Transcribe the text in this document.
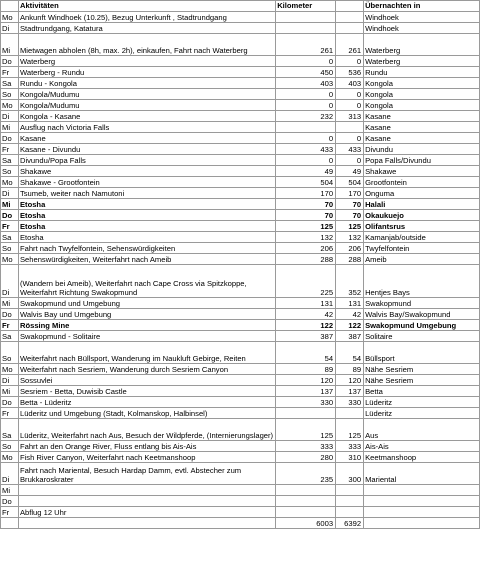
	Aktivitäten	Kilometer		Übernachten in
Mo	Ankunft Windhoek (10.25), Bezug Unterkunft , Stadtrundgang			Windhoek
Di	Stadtrundgang, Katatura			Windhoek
Mi	Mietwagen abholen (8h, max. 2h), einkaufen, Fahrt nach Waterberg	261	261	Waterberg
Do	Waterberg	0	0	Waterberg
Fr	Waterberg - Rundu	450	536	Rundu
Sa	Rundu - Kongola	403	403	Kongola
So	Kongola/Mudumu	0	0	Kongola
Mo	Kongola/Mudumu	0	0	Kongola
Di	Kongola - Kasane	232	313	Kasane
Mi	Ausflug nach Victoria Falls			Kasane
Do	Kasane	0	0	Kasane
Fr	Kasane - Divundu	433	433	Divundu
Sa	Divundu/Popa Falls	0	0	Popa Falls/Divundu
So	Shakawe	49	49	Shakawe
Mo	Shakawe - Grootfontein	504	504	Grootfontein
Di	Tsumeb, weiter nach Namutoni	170	170	Onguma
Mi	Etosha	70	70	Halali
Do	Etosha	70	70	Okaukuejo
Fr	Etosha	125	125	Olifantsrus
Sa	Etosha	132	132	Kamanjab/outside
So	Fahrt nach Twyfelfontein, Sehenswürdigkeiten	206	206	Twyfelfontein
Mo	Sehenswürdigkeiten, Weiterfahrt nach Ameib	288	288	Ameib
Di	(Wandern bei Ameib), Weiterfahrt nach Cape Cross via Spitzkoppe, Weiterfahrt Richtung Swakopmund	225	352	Hentjes Bays
Mi	Swakopmund und Umgebung	131	131	Swakopmund
Do	Walvis Bay und Umgebung	42	42	Walvis Bay/Swakopmund
Fr	Rössing Mine	122	122	Swakopmund Umgebung
Sa	Swakopmund - Solitaire	387	387	Solitaire
So	Weiterfahrt nach Büllsport, Wanderung im Naukluft Gebirge, Reiten	54	54	Büllsport
Mo	Weiterfahrt nach Sesriem, Wanderung durch Sesriem Canyon	89	89	Nähe Sesriem
Di	Sossuvlei	120	120	Nähe Sesriem
Mi	Sesriem - Betta, Duwisib Castle	137	137	Betta
Do	Betta - Lüderitz	330	330	Lüderitz
Fr	Lüderitz und Umgebung (Stadt, Kolmanskop, Halbinsel)			Lüderitz
Sa	Lüderitz, Weiterfahrt nach Aus, Besuch der Wildpferde, (Internierungslager)	125	125	Aus
So	Fahrt an den Orange River, Fluss entlang bis Ais-Ais	333	333	Ais-Ais
Mo	Fish River Canyon, Weiterfahrt nach Keetmanshoop	280	310	Keetmanshoop
Di	Fahrt nach Mariental, Besuch Hardap Damm, evtl. Abstecher zum Brukkaroskrater	235	300	Mariental
Mi				
Do				
Fr	Abflug 12 Uhr			
		6003	6392	
